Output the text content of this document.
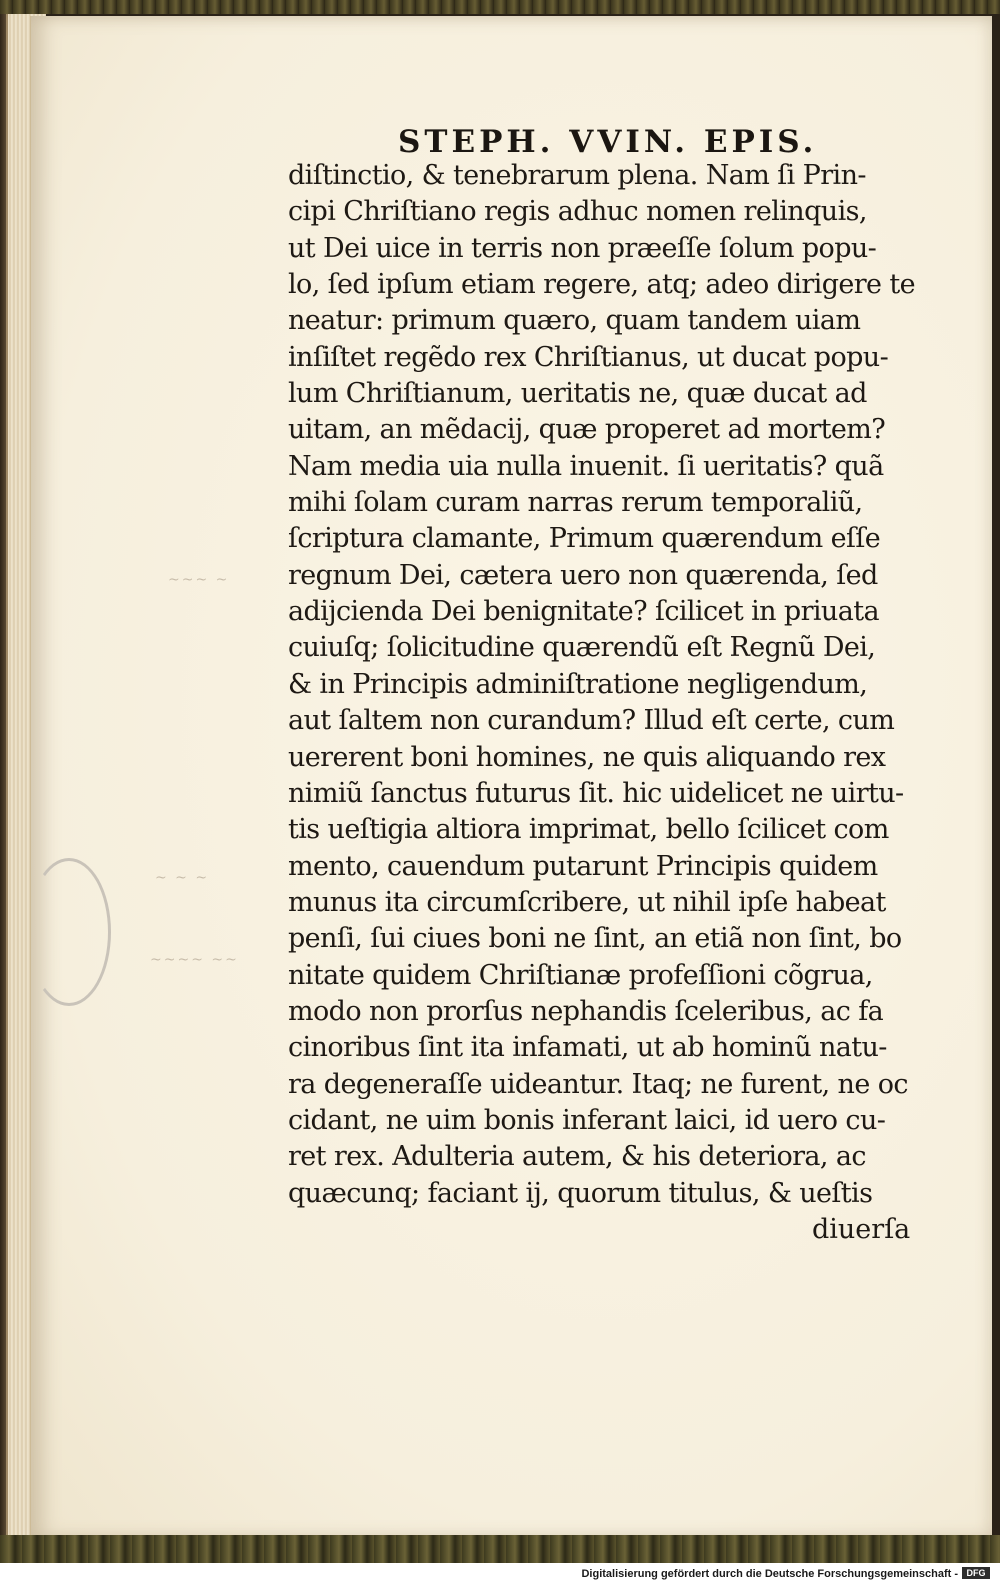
~~~ ~
~ ~ ~
~~~~ ~~
STEPH. VVIN. EPIS.
diſtinctio, & tenebrarum plena. Nam ſi Prin-
cipi Chriſtiano regis adhuc nomen relinquis,
ut Dei uice in terris non præeſſe ſolum popu-
lo, ſed ipſum etiam regere, atq; adeo dirigere te
neatur: primum quæro, quam tandem uiam
inſiſtet regẽdo rex Chriſtianus, ut ducat popu-
lum Chriſtianum, ueritatis ne, quæ ducat ad
uitam, an mẽdacij, quæ properet ad mortem?
Nam media uia nulla inuenit. ſi ueritatis? quã
mihi ſolam curam narras rerum temporaliũ,
ſcriptura clamante, Primum quærendum eſſe
regnum Dei, cætera uero non quærenda, ſed
adijcienda Dei benignitate? ſcilicet in priuata
cuiuſq; ſolicitudine quærendũ eſt Regnũ Dei,
& in Principis adminiſtratione negligendum,
aut ſaltem non curandum? Illud eſt certe, cum
uererent boni homines, ne quis aliquando rex
nimiũ ſanctus futurus ſit. hic uidelicet ne uirtu-
tis ueſtigia altiora imprimat, bello ſcilicet com
mento, cauendum putarunt Principis quidem
munus ita circumſcribere, ut nihil ipſe habeat
penſi, ſui ciues boni ne ſint, an etiã non ſint, bo
nitate quidem Chriſtianæ profeſſioni cõgrua,
modo non prorſus nephandis ſceleribus, ac fa
cinoribus ſint ita infamati, ut ab hominũ natu-
ra degeneraſſe uideantur. Itaq; ne furent, ne oc
cidant, ne uim bonis inferant laici, id uero cu-
ret rex. Adulteria autem, & his deteriora, ac
quæcunq; faciant ij, quorum titulus, & ueſtis
diuerſa
Digitalisierung gefördert durch die Deutsche Forschungsgemeinschaft - DFG
